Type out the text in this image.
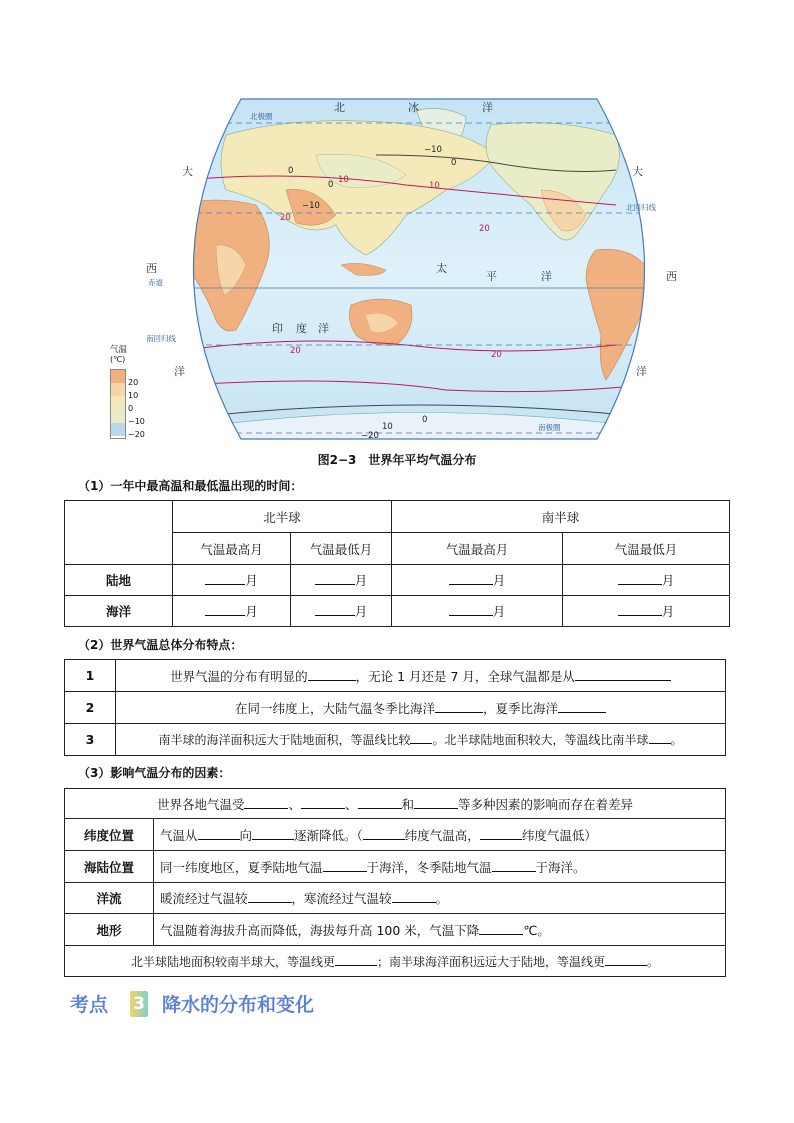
北	冰	洋
大	大
西
西
太
平	洋
印 度 洋
洋	洋
北极圈
赤道
南回归线
北回归线
南极圈
−10
0
0
0
−10
0
10
−20
10
10
20
20
20	20
气温
(℃)
20
10
0
−10
−20
图2−3　世界年平均气温分布
（1）一年中最高温和最低温出现的时间：
	北半球		南半球	
	气温最高月	气温最低月	气温最高月	气温最低月
陆地	月	月	月	月
海洋	月	月	月	月
（2）世界气温总体分布特点：
1	世界气温的分布有明显的 ，无论 1 月还是 7 月，全球气温都是从
2	在同一纬度上，大陆气温冬季比海洋 ，夏季比海洋
3	南半球的海洋面积远大于陆地面积，等温线比较 。北半球陆地面积较大，等温线比南半球 。
（3）影响气温分布的因素：
世界各地气温受 、 、 和 等多种因素的影响而存在着差异	
纬度位置	气温从 向 逐渐降低。（ 纬度气温高， 纬度气温低）
海陆位置	同一纬度地区，夏季陆地气温 于海洋，冬季陆地气温 于海洋。
洋流	暖流经过气温较 ，寒流经过气温较 。
地形	气温随着海拔升高而降低，海拔每升高 100 米，气温下降 ℃。
北半球陆地面积较南半球大，等温线更 ；南半球海洋面积远远大于陆地，等温线更 。	
考点 3 降水的分布和变化
